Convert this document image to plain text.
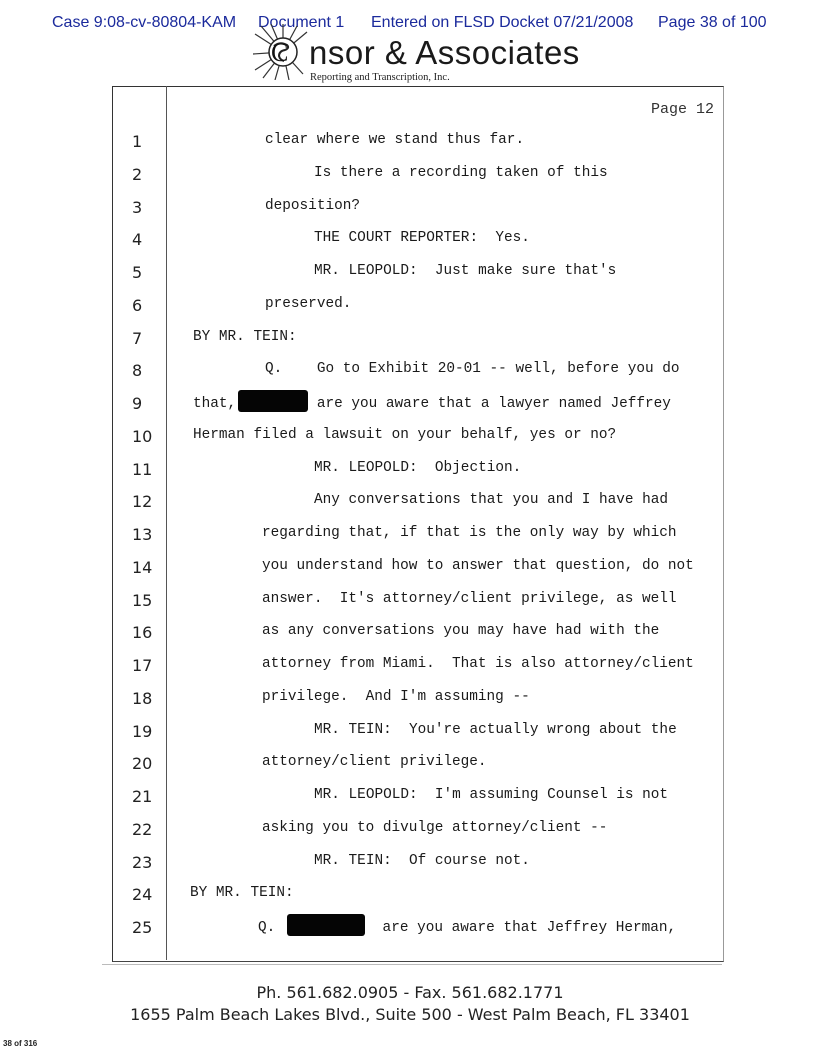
Case 9:08-cv-80804-KAM Document 1 Entered on FLSD Docket 07/21/2008 Page 38 of 100
C nsor & Associates
Reporting and Transcription, Inc.
Page 12
1	clear where we stand thus far.
2	Is there a recording taken of this
3	deposition?
4	THE COURT REPORTER:  Yes.
5	MR. LEOPOLD:  Just make sure that's
6	preserved.
7	BY MR. TEIN:
8	Q.    Go to Exhibit 20-01 -- well, before you do
9	that,	are you aware that a lawyer named Jeffrey
10	Herman filed a lawsuit on your behalf, yes or no?
11	MR. LEOPOLD:  Objection.
12	Any conversations that you and I have had
13	regarding that, if that is the only way by which
14	you understand how to answer that question, do not
15	answer.  It's attorney/client privilege, as well
16	as any conversations you may have had with the
17	attorney from Miami.  That is also attorney/client
18	privilege.  And I'm assuming --
19	MR. TEIN:  You're actually wrong about the
20	attorney/client privilege.
21	MR. LEOPOLD:  I'm assuming Counsel is not
22	asking you to divulge attorney/client --
23	MR. TEIN:  Of course not.
24	BY MR. TEIN:
25	Q.	are you aware that Jeffrey Herman,
Ph. 561.682.0905 - Fax. 561.682.1771
1655 Palm Beach Lakes Blvd., Suite 500 - West Palm Beach, FL 33401
38 of 316
